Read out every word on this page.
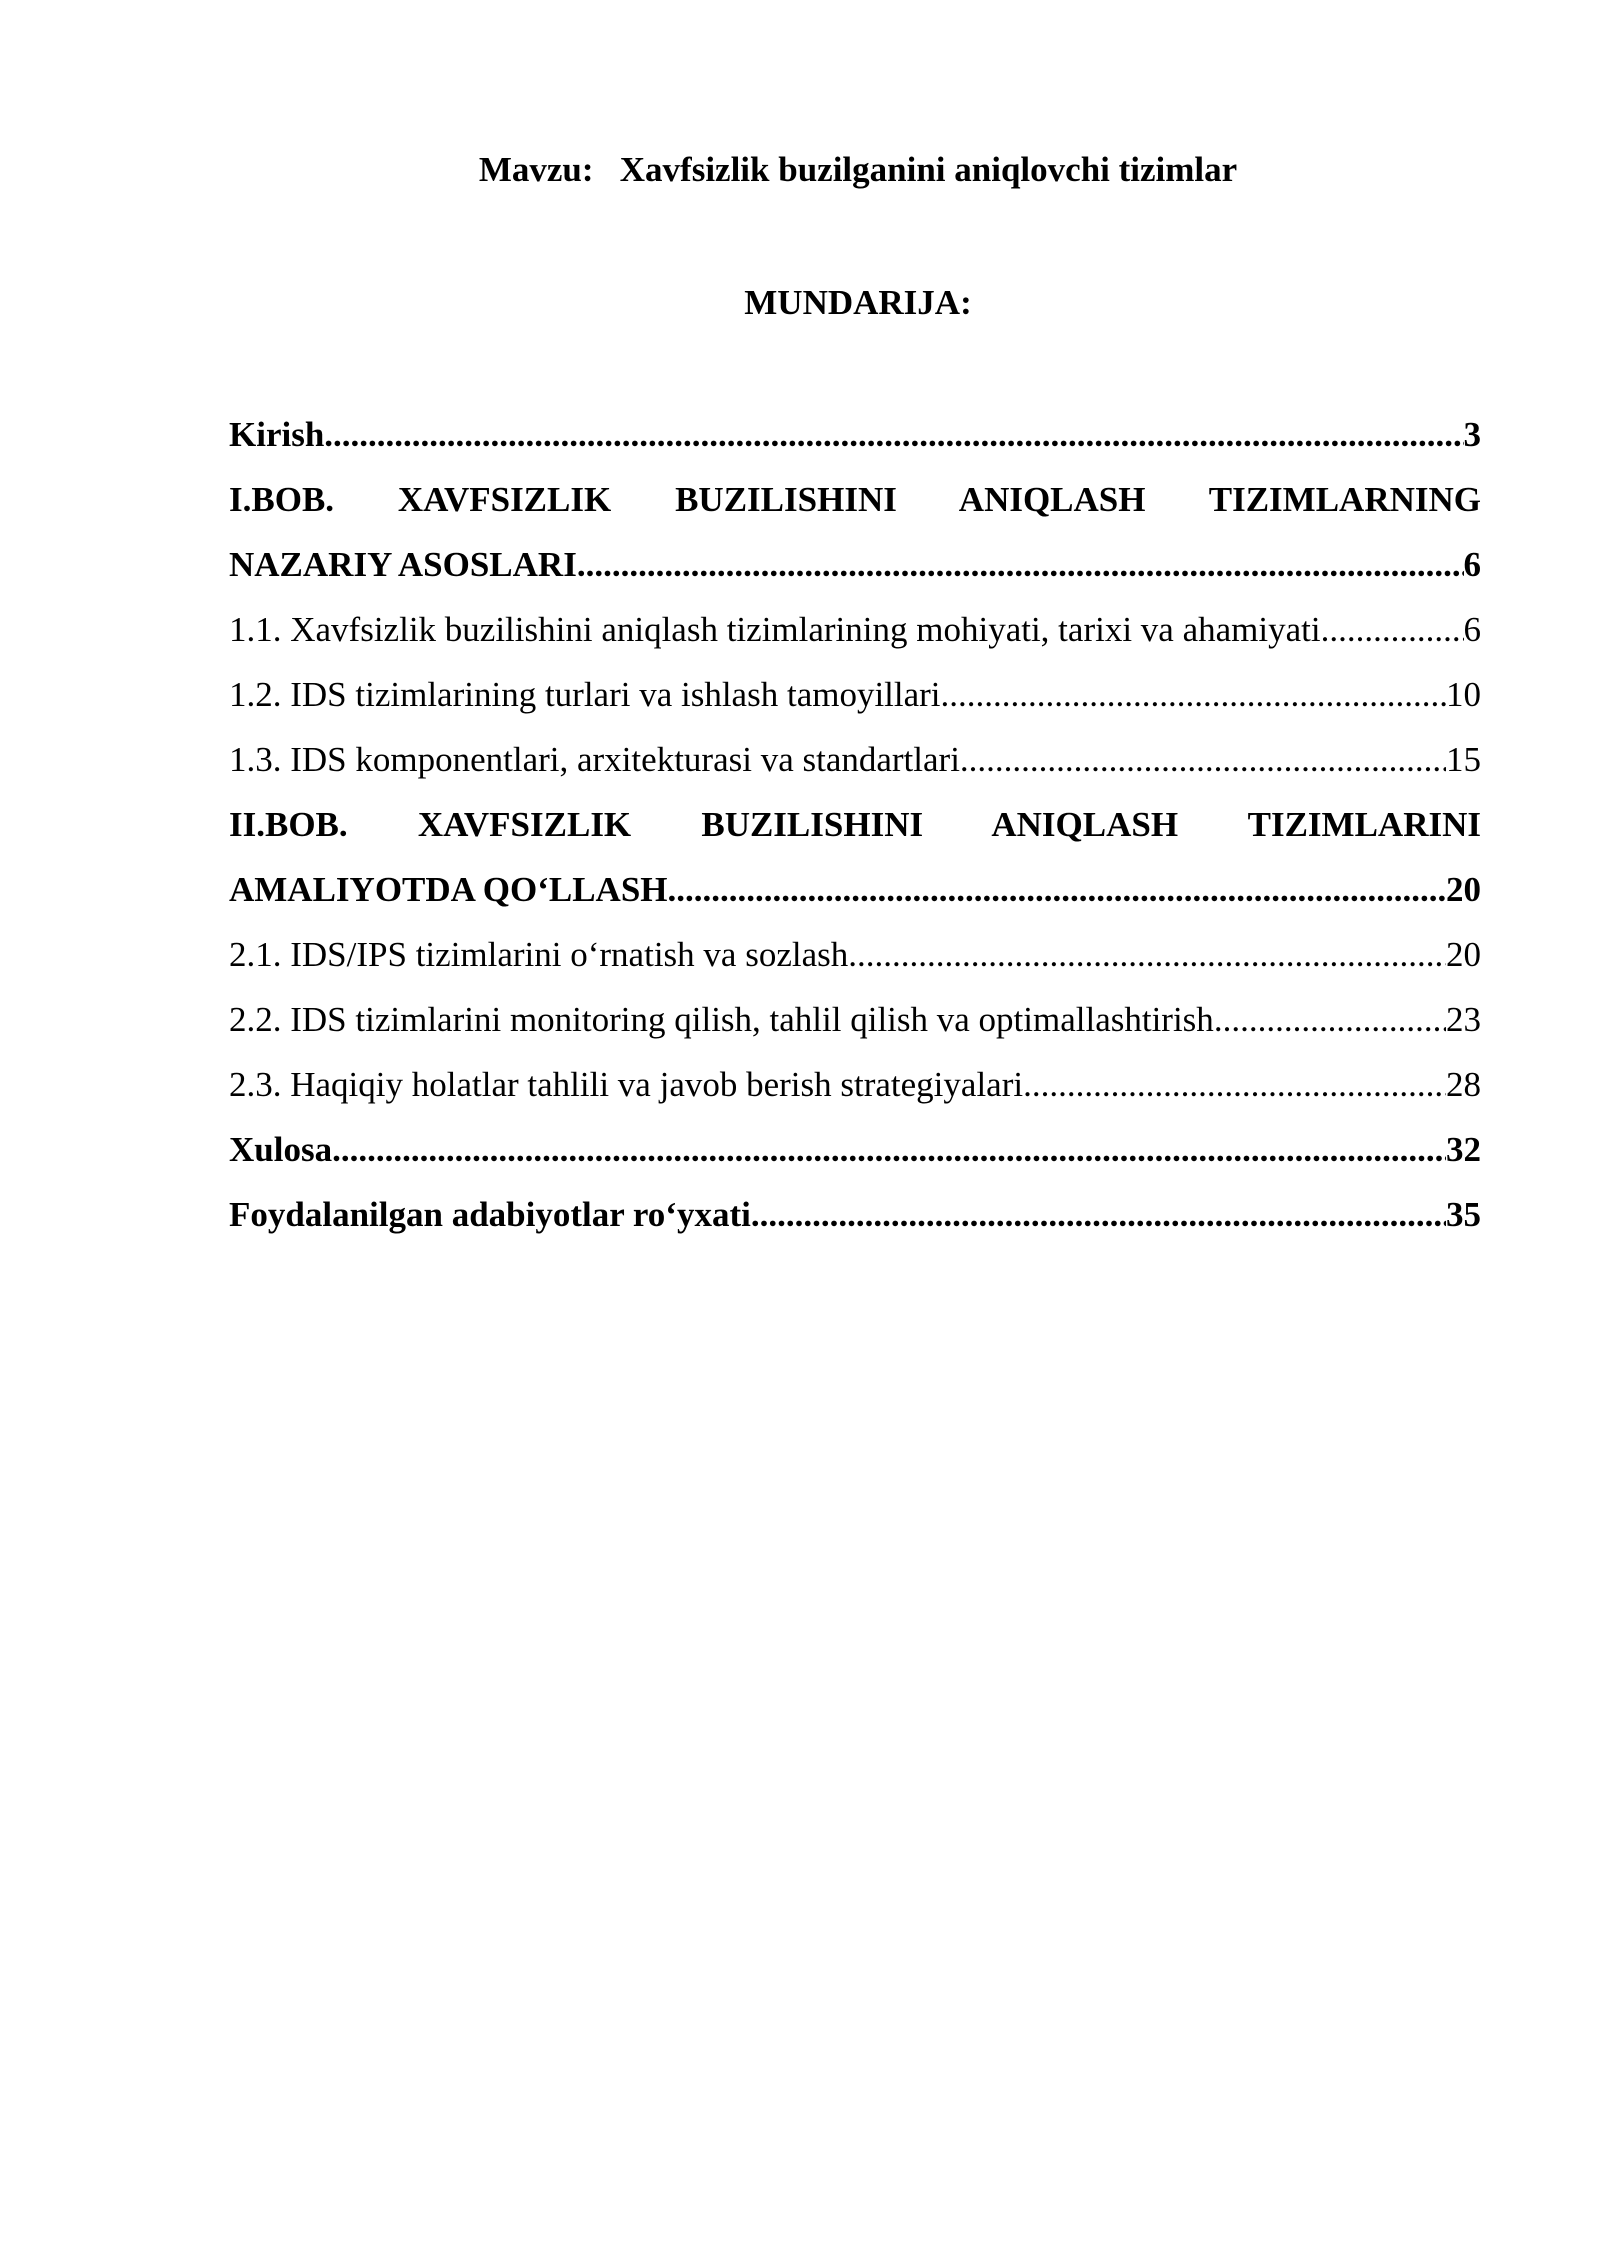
Mavzu: Xavfsizlik buzilganini aniqlovchi tizimlar
MUNDARIJA:
Kirish .....	3
I.BOB. XAVFSIZLIK BUZILISHINI ANIQLASH TIZIMLARNING
NAZARIY ASOSLARI .....	6
1.1. Xavfsizlik buzilishini aniqlash tizimlarining mohiyati, tarixi va ahamiyati .....	6
1.2. IDS tizimlarining turlari va ishlash tamoyillari .....	10
1.3. IDS komponentlari, arxitekturasi va standartlari .....	15
II.BOB. XAVFSIZLIK BUZILISHINI ANIQLASH TIZIMLARINI
AMALIYOTDA QO‘LLASH .....	20
2.1. IDS/IPS tizimlarini o‘rnatish va sozlash .....	20
2.2. IDS tizimlarini monitoring qilish, tahlil qilish va optimallashtirish .....	23
2.3. Haqiqiy holatlar tahlili va javob berish strategiyalari .....	28
Xulosa .....	32
Foydalanilgan adabiyotlar ro‘yxati .....	35
